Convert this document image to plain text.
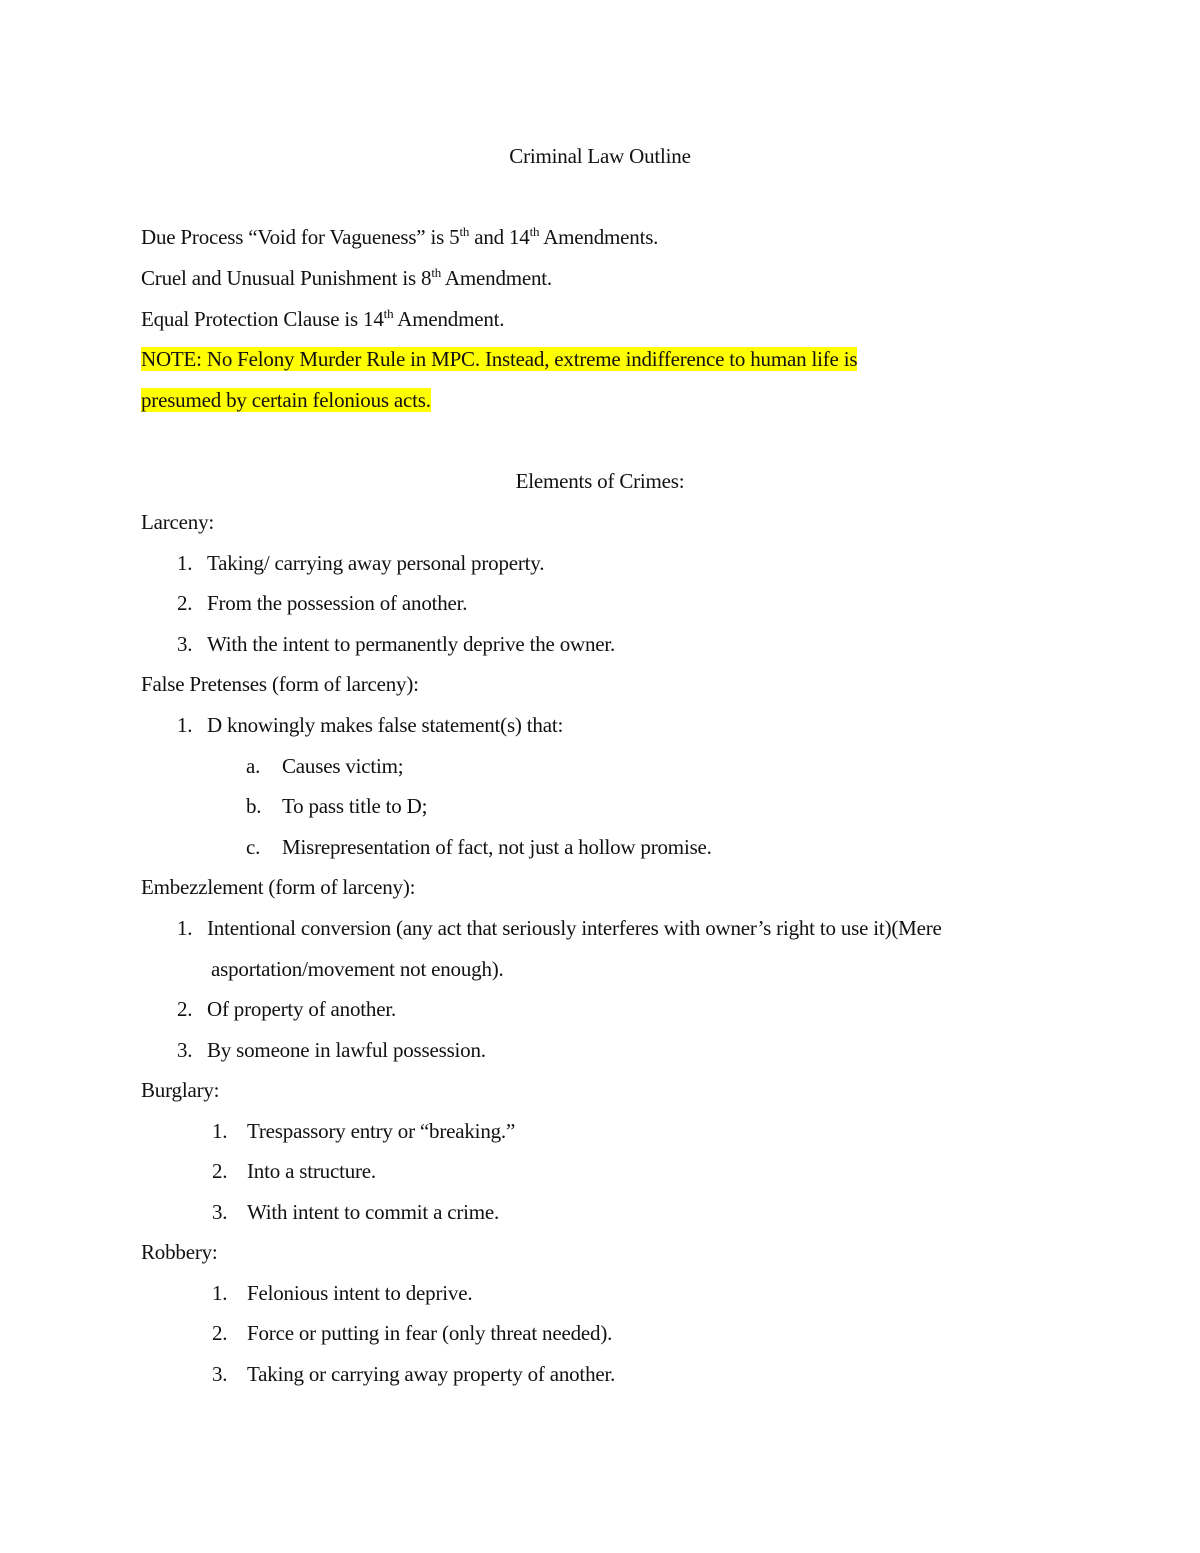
Criminal Law Outline
Due Process “Void for Vagueness” is 5th and 14th Amendments.
Cruel and Unusual Punishment is 8th Amendment.
Equal Protection Clause is 14th Amendment.
NOTE: No Felony Murder Rule in MPC. Instead, extreme indifference to human life is
presumed by certain felonious acts.
Elements of Crimes:
Larceny:
1. Taking/ carrying away personal property.
2. From the possession of another.
3. With the intent to permanently deprive the owner.
False Pretenses (form of larceny):
1. D knowingly makes false statement(s) that:
a. Causes victim;
b. To pass title to D;
c. Misrepresentation of fact, not just a hollow promise.
Embezzlement (form of larceny):
1. Intentional conversion (any act that seriously interferes with owner’s right to use it)(Mere
asportation/movement not enough).
2. Of property of another.
3. By someone in lawful possession.
Burglary:
1. Trespassory entry or “breaking.”
2. Into a structure.
3. With intent to commit a crime.
Robbery:
1. Felonious intent to deprive.
2. Force or putting in fear (only threat needed).
3. Taking or carrying away property of another.
